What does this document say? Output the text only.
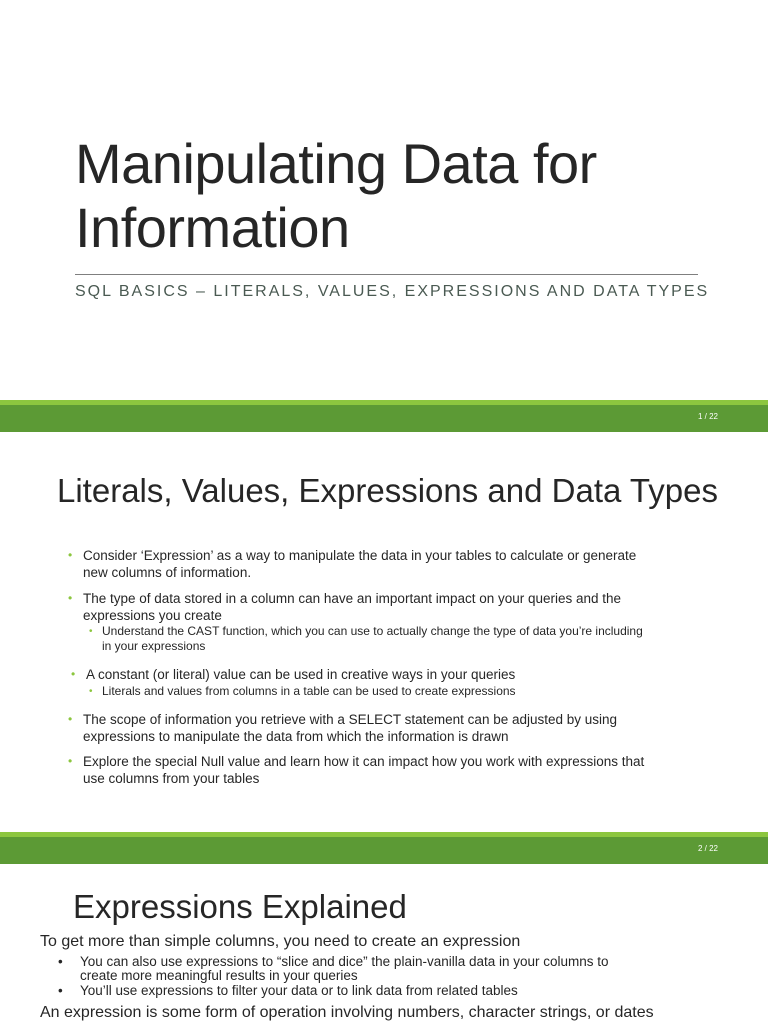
Manipulating Data for
Information
SQL BASICS – LITERALS, VALUES, EXPRESSIONS AND DATA TYPES
1 / 22
Literals, Values, Expressions and Data Types
• Consider ‘Expression’ as a way to manipulate the data in your tables to calculate or generate
new columns of information.
• The type of data stored in a column can have an important impact on your queries and the
expressions you create
• Understand the CAST function, which you can use to actually change the type of data you’re including
in your expressions
• A constant (or literal) value can be used in creative ways in your queries
• Literals and values from columns in a table can be used to create expressions
• The scope of information you retrieve with a SELECT statement can be adjusted by using
expressions to manipulate the data from which the information is drawn
• Explore the special Null value and learn how it can impact how you work with expressions that
use columns from your tables
2 / 22
Expressions Explained
To get more than simple columns, you need to create an expression
• You can also use expressions to “slice and dice” the plain-vanilla data in your columns to
create more meaningful results in your queries
• You’ll use expressions to filter your data or to link data from related tables
An expression is some form of operation involving numbers, character strings, or dates
